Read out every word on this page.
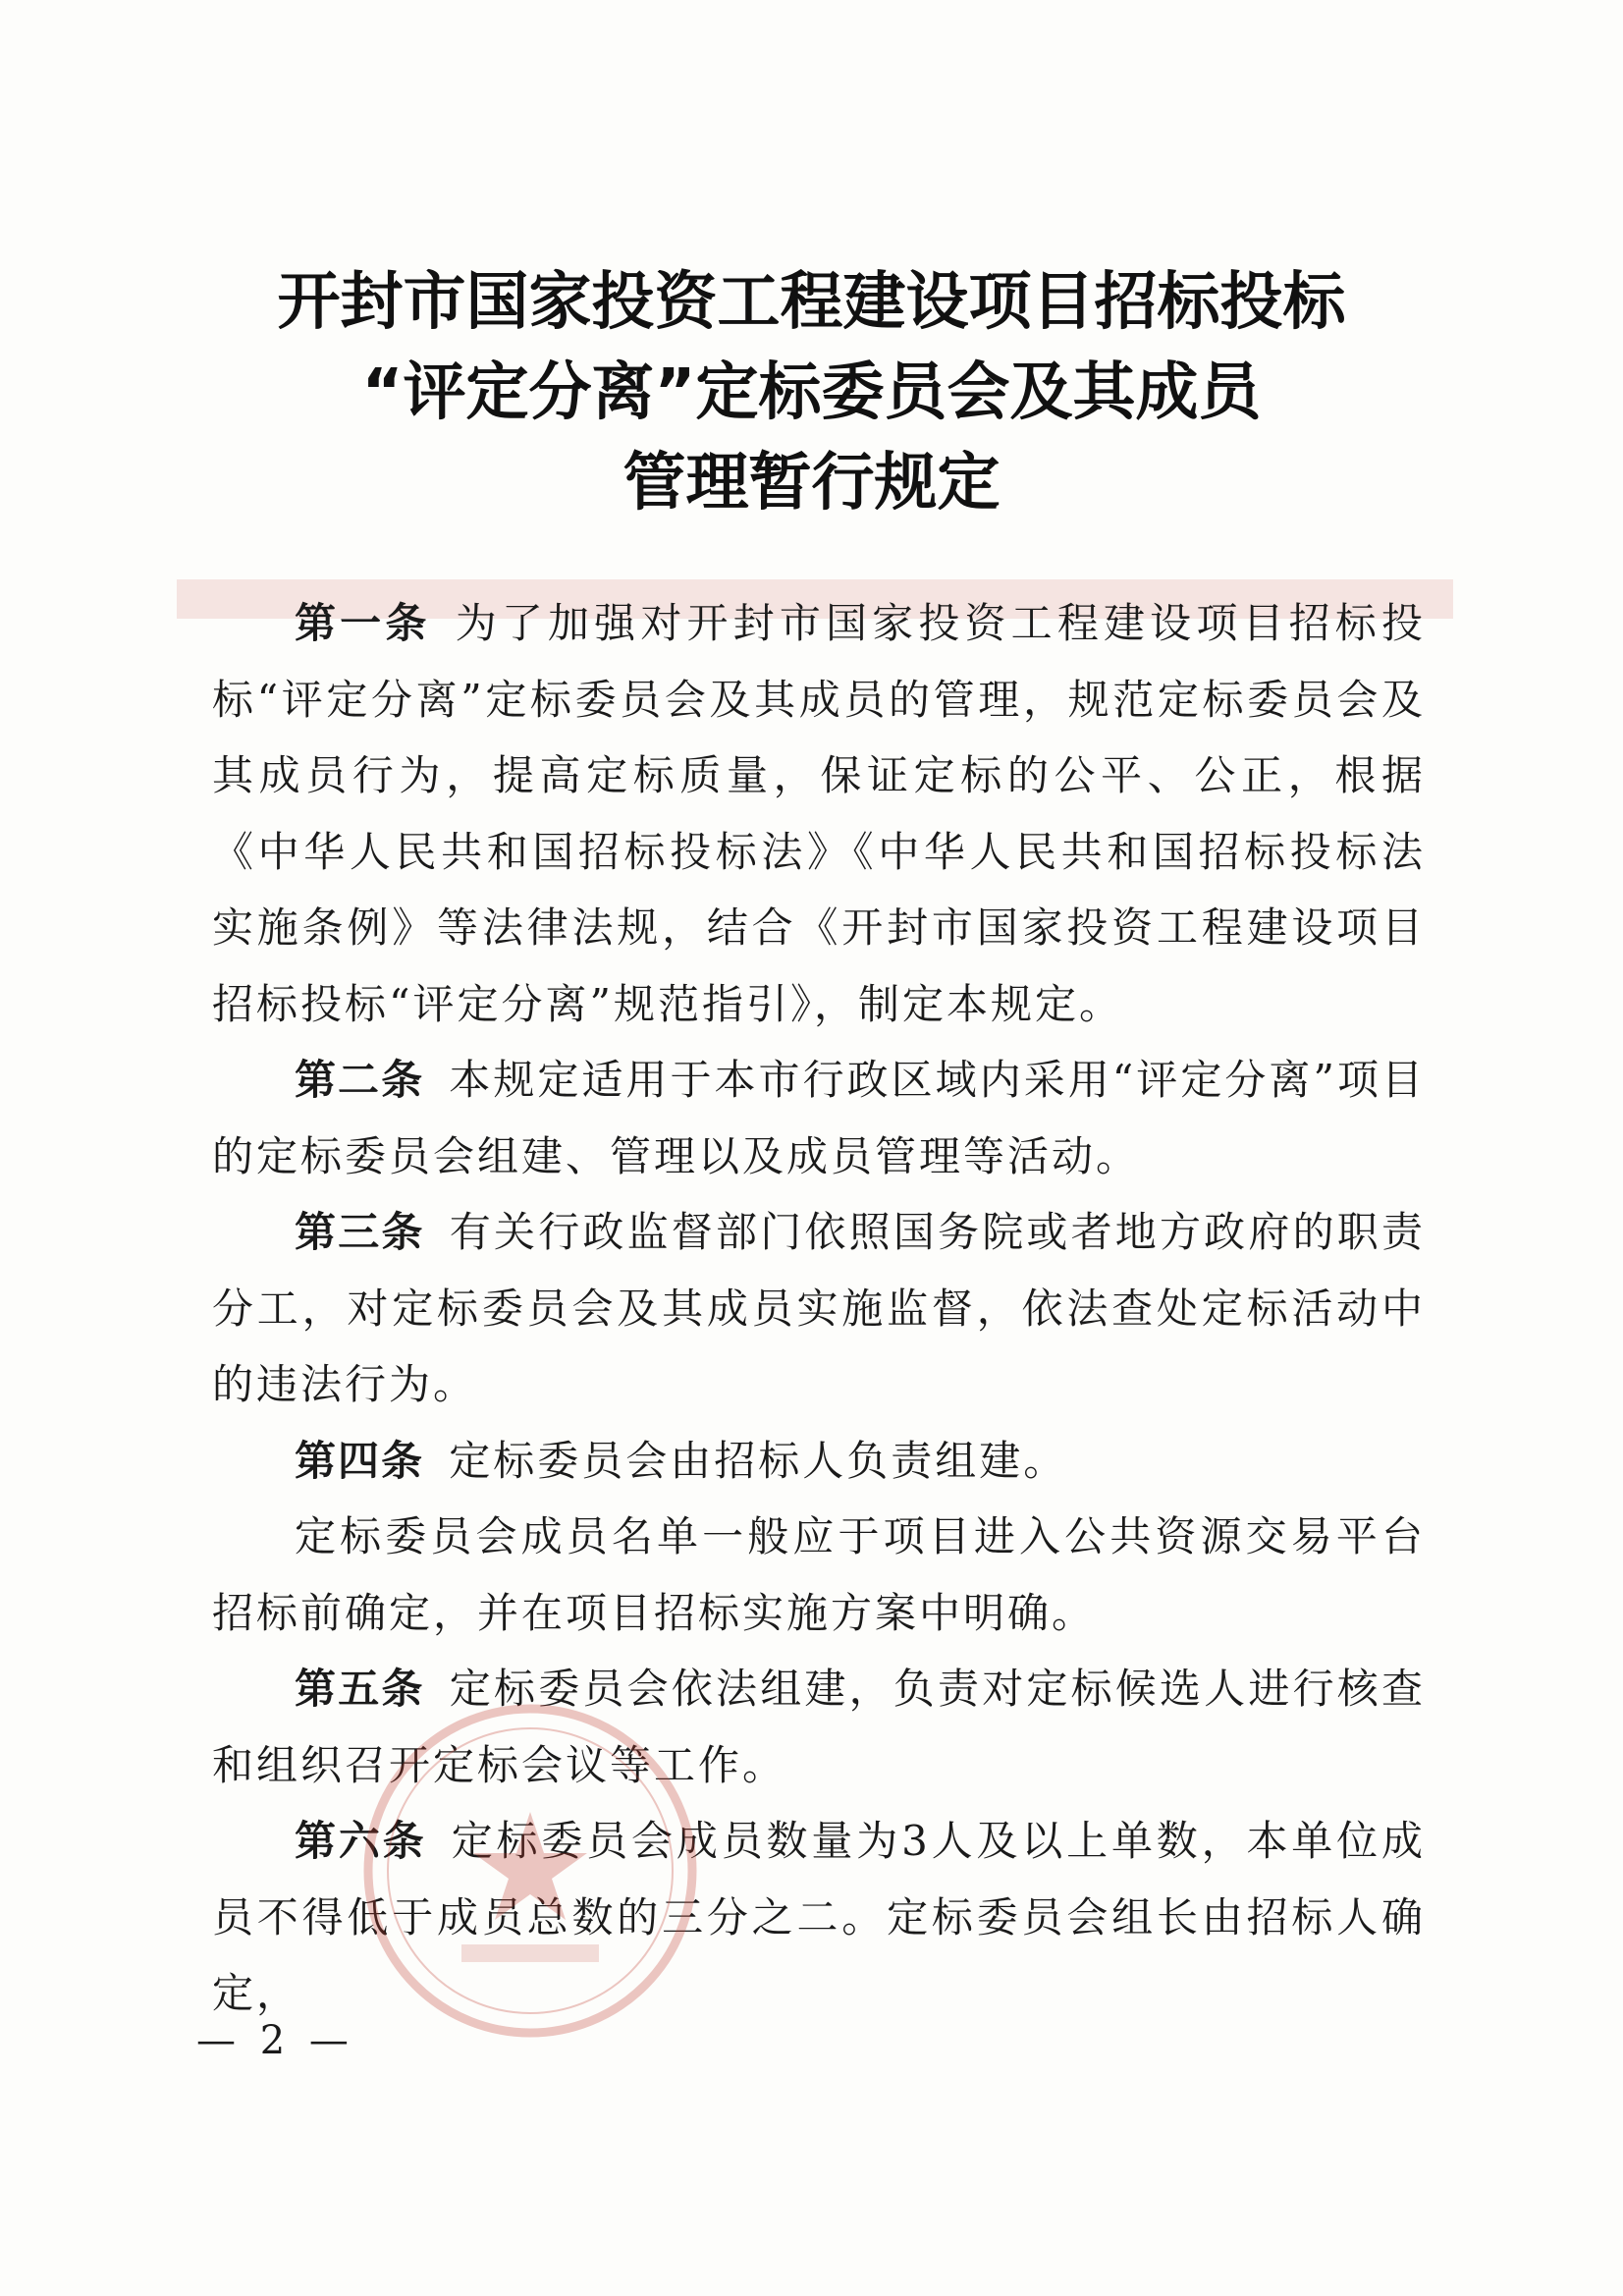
开封市国家投资工程建设项目招标投标
“评定分离”定标委员会及其成员
管理暂行规定

第一条 为了加强对开封市国家投资工程建设项目招标投标“评定分离”定标委员会及其成员的管理，规范定标委员会及其成员行为，提高定标质量，保证定标的公平、公正，根据《中华人民共和国招标投标法》《中华人民共和国招标投标法实施条例》等法律法规，结合《开封市国家投资工程建设项目招标投标“评定分离”规范指引》，制定本规定。

第二条 本规定适用于本市行政区域内采用“评定分离”项目的定标委员会组建、管理以及成员管理等活动。

第三条 有关行政监督部门依照国务院或者地方政府的职责分工，对定标委员会及其成员实施监督，依法查处定标活动中的违法行为。

第四条 定标委员会由招标人负责组建。

定标委员会成员名单一般应于项目进入公共资源交易平台招标前确定，并在项目招标实施方案中明确。

第五条 定标委员会依法组建，负责对定标候选人进行核查和组织召开定标会议等工作。

第六条 定标委员会成员数量为3人及以上单数，本单位成员不得低于成员总数的三分之二。定标委员会组长由招标人确定，

— 2 —
